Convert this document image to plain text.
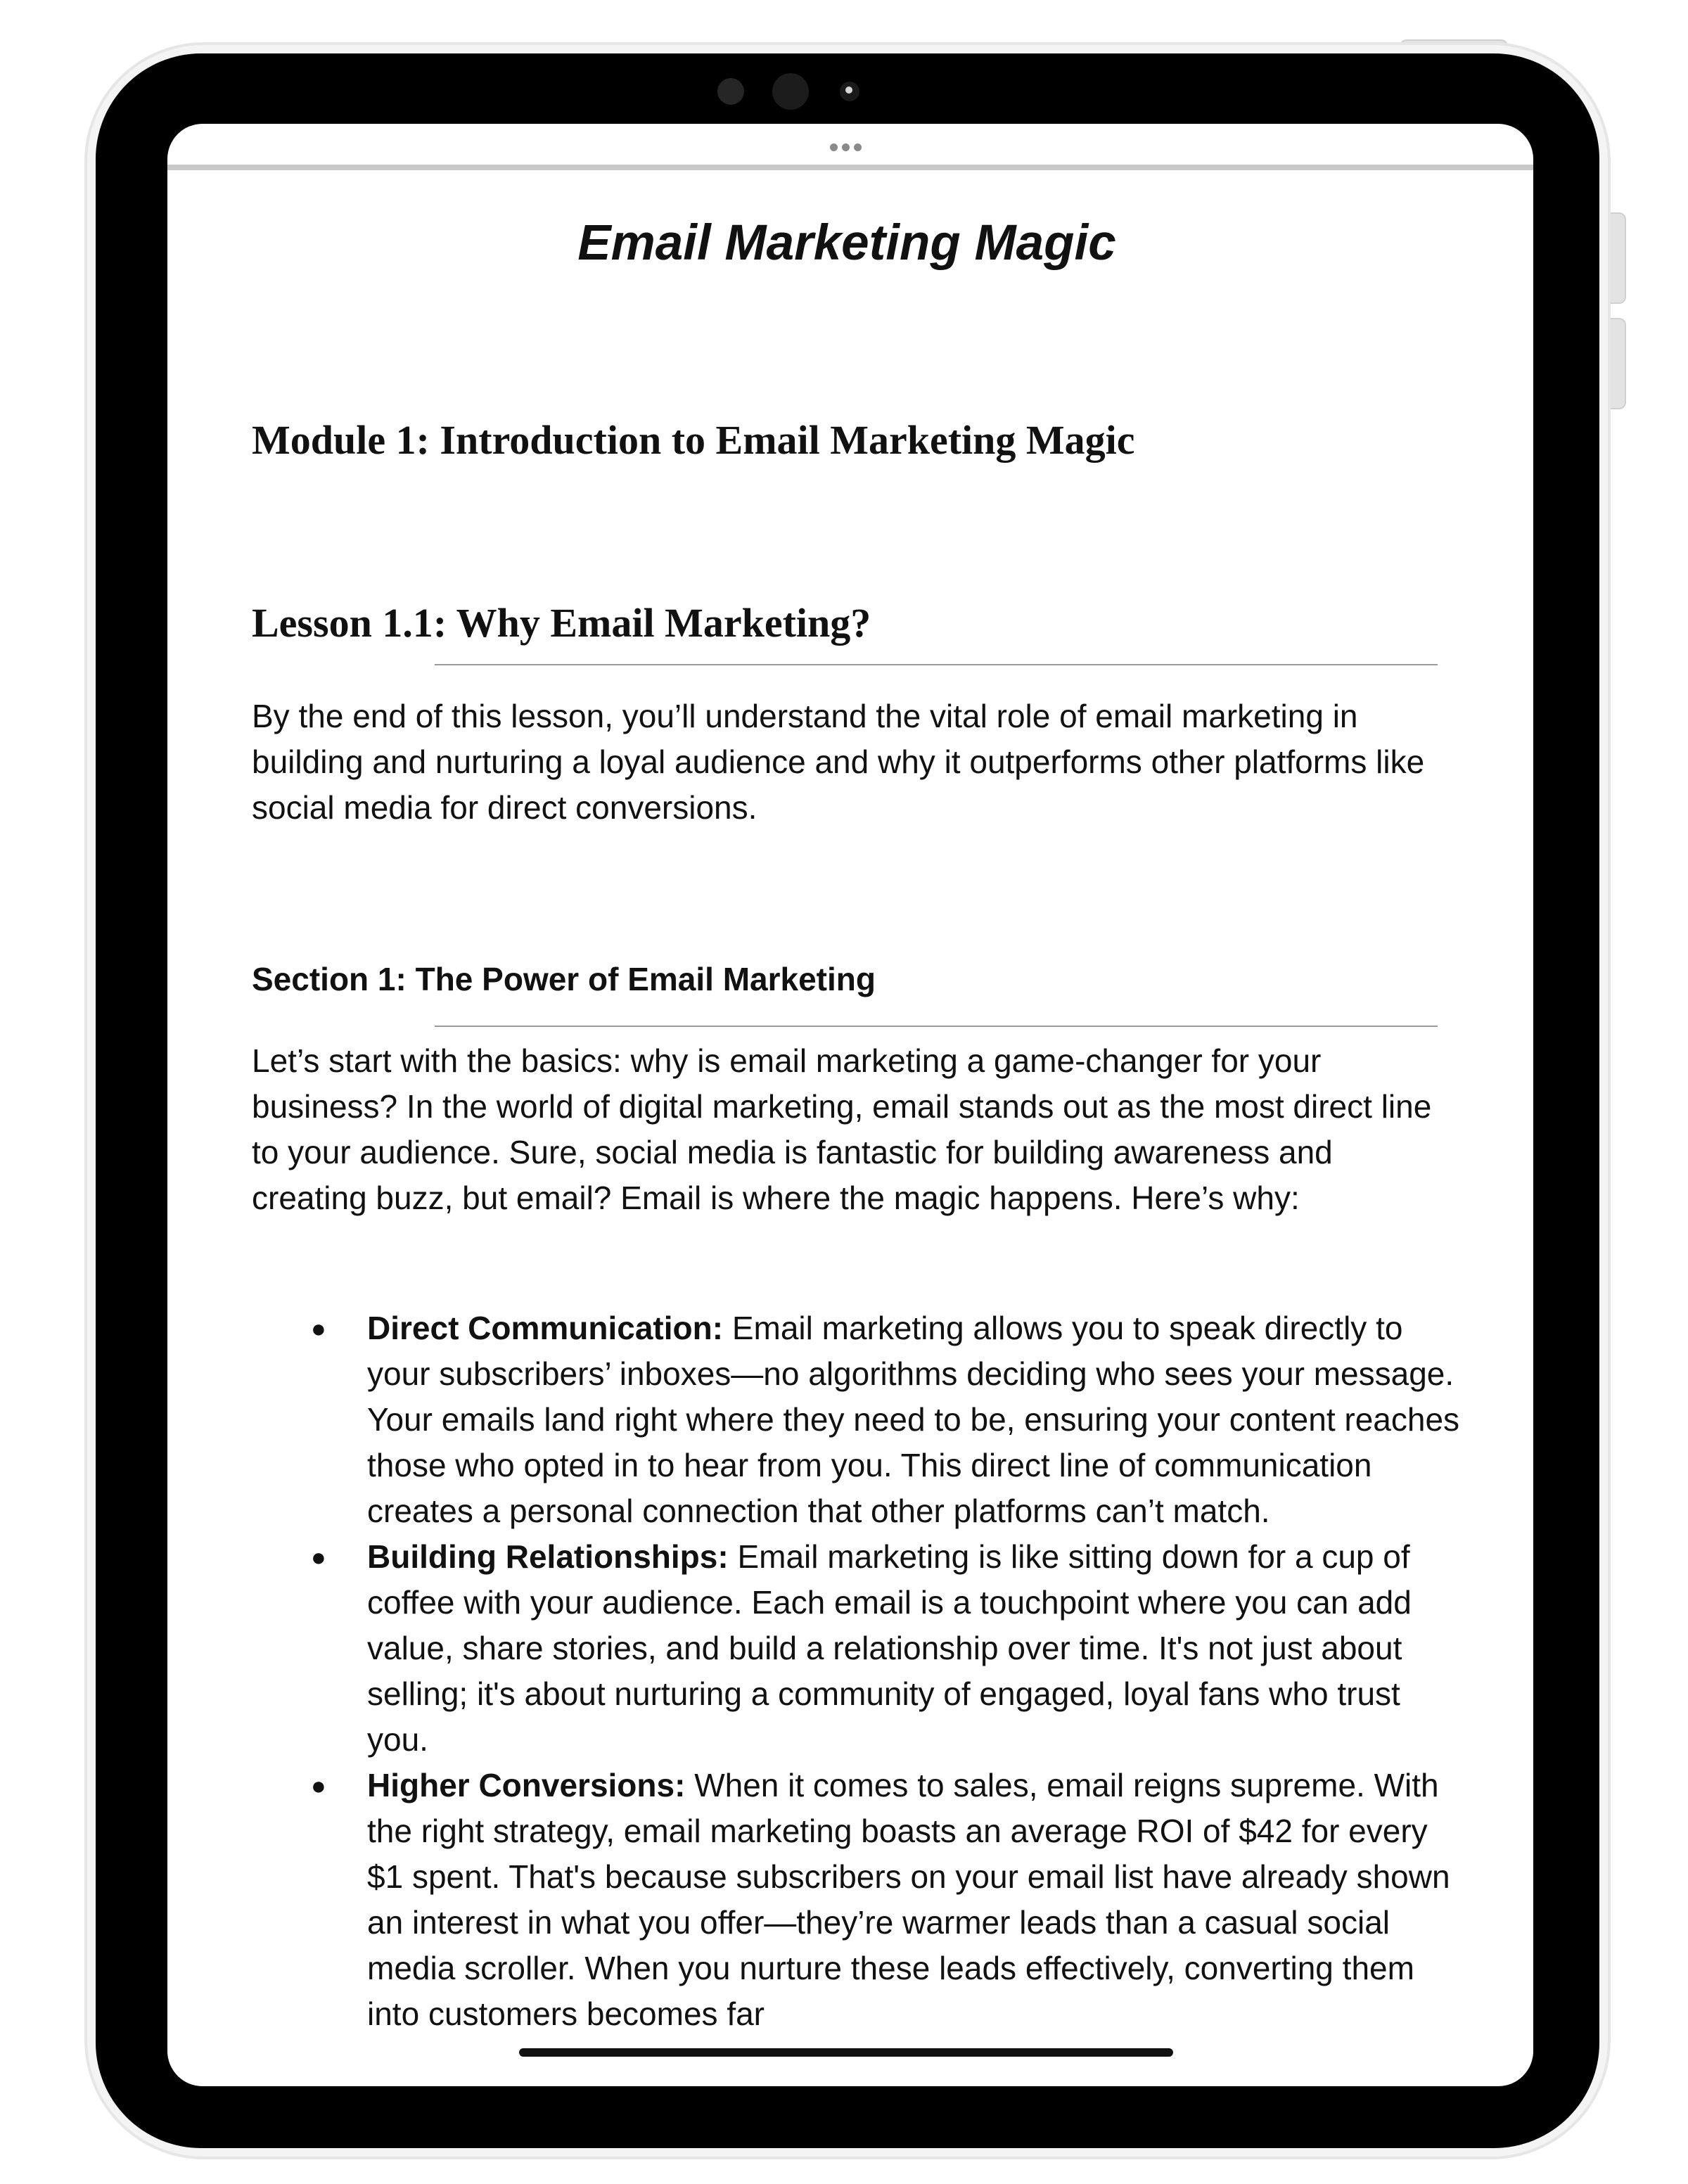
Email Marketing Magic
Module 1: Introduction to Email Marketing Magic
Lesson 1.1: Why Email Marketing?

By the end of this lesson, you’ll understand the vital role of email marketing in building and nurturing a loyal audience and why it outperforms other platforms like social media for direct conversions.

Section 1: The Power of Email Marketing

Let’s start with the basics: why is email marketing a game-changer for your business? In the world of digital marketing, email stands out as the most direct line to your audience. Sure, social media is fantastic for building awareness and creating buzz, but email? Email is where the magic happens. Here’s why:

● Direct Communication: Email marketing allows you to speak directly to your subscribers’ inboxes—no algorithms deciding who sees your message. Your emails land right where they need to be, ensuring your content reaches those who opted in to hear from you. This direct line of communication creates a personal connection that other platforms can’t match.
● Building Relationships: Email marketing is like sitting down for a cup of coffee with your audience. Each email is a touchpoint where you can add value, share stories, and build a relationship over time. It's not just about selling; it's about nurturing a community of engaged, loyal fans who trust you.
● Higher Conversions: When it comes to sales, email reigns supreme. With the right strategy, email marketing boasts an average ROI of $42 for every $1 spent. That's because subscribers on your email list have already shown an interest in what you offer—they’re warmer leads than a casual social media scroller. When you nurture these leads effectively, converting them into customers becomes far
